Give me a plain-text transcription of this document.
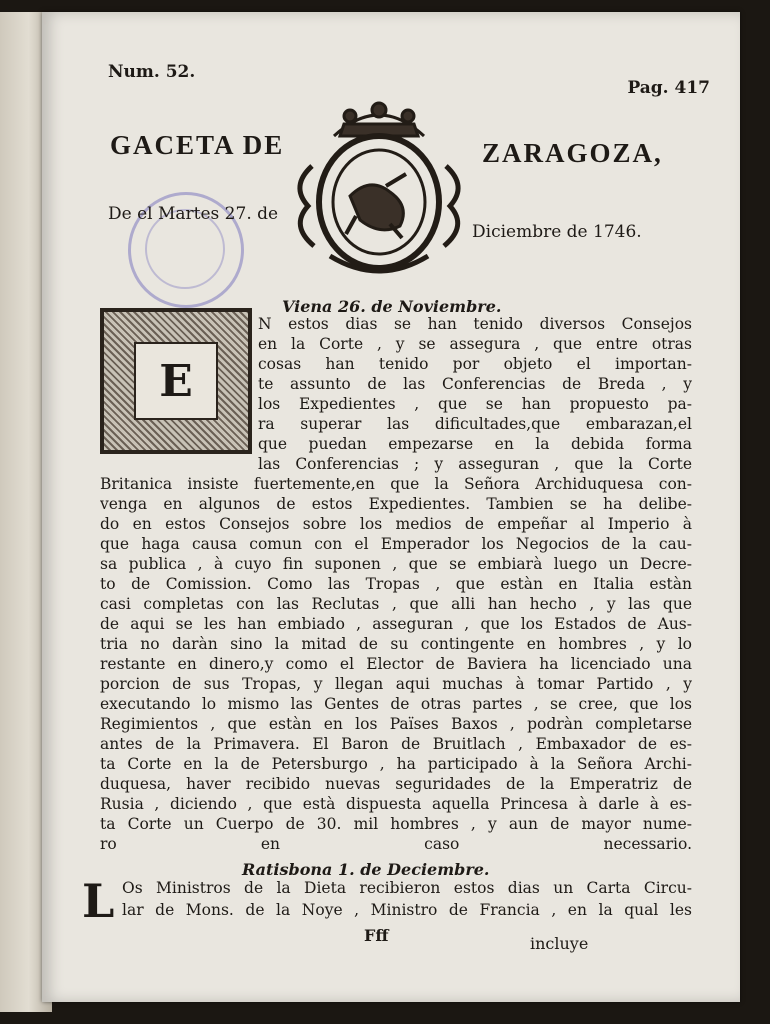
Num. 52.
Pag. 417
GACETA DE	ZARAGOZA,
De el Martes 27. de
Diciembre de 1746.
Viena 26. de Noviembre.
E
N estos dias se han tenido diversos Consejos
en la Corte , y se assegura , que entre otras
cosas han tenido por objeto el importan-
te assunto de las Conferencias de Breda , y
los Expedientes , que se han propuesto pa-
ra superar las dificultades,que embarazan,el
que puedan empezarse en la debida forma
las Conferencias ; y asseguran , que la Corte
Britanica insiste fuertemente,en que la Señora Archiduquesa con-
venga en algunos de estos Expedientes. Tambien se ha delibe-
do en estos Consejos sobre los medios de empeñar al Imperio à
que haga causa comun con el Emperador los Negocios de la cau-
sa publica , à cuyo fin suponen , que se embiarà luego un Decre-
to de Comission. Como las Tropas , que estàn en Italia estàn
casi completas con las Reclutas , que alli han hecho , y las que
de aqui se les han embiado , asseguran , que los Estados de Aus-
tria no daràn sino la mitad de su contingente en hombres , y lo
restante en dinero,y como el Elector de Baviera ha licenciado una
porcion de sus Tropas, y llegan aqui muchas à tomar Partido , y
executando lo mismo las Gentes de otras partes , se cree, que los
Regimientos , que estàn en los Païses Baxos , podràn completarse
antes de la Primavera. El Baron de Bruitlach , Embaxador de es-
ta Corte en la de Petersburgo , ha participado à la Señora Archi-
duquesa, haver recibido nuevas seguridades de la Emperatriz de
Rusia , diciendo , que està dispuesta aquella Princesa à darle à es-
ta Corte un Cuerpo de 30. mil hombres , y aun de mayor nume-
ro en caso necessario.
Ratisbona 1. de Deciembre.
L Os Ministros de la Dieta recibieron estos dias un Carta Circu-
lar de Mons. de la Noye , Ministro de Francia , en la qual les
Fff	incluye
